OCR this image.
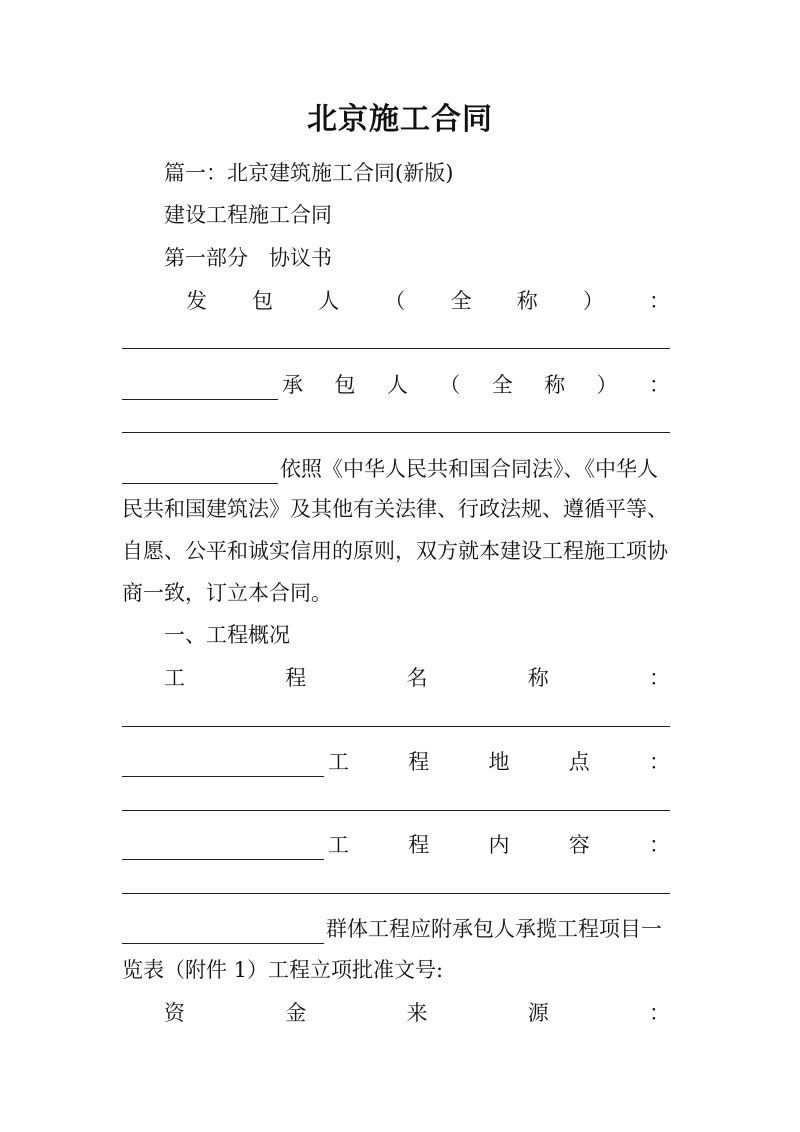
北京施工合同
篇一：北京建筑施工合同(新版)
建设工程施工合同
第一部分　协议书
发 包 人 （ 全 称 ） ：
承 包 人 （ 全 称 ） ：
依照《中华人民共和国合同法》、《中华人
民共和国建筑法》及其他有关法律、行政法规、遵循平等、
自愿、公平和诚实信用的原则，双方就本建设工程施工项协
商一致，订立本合同。
一、工程概况
工	程	名	称	：
工	程	地	点	：
工	程	内	容	：
群体工程应附承包人承揽工程项目一
览表（附件 1）工程立项批准文号:
资	金	来	源	：
